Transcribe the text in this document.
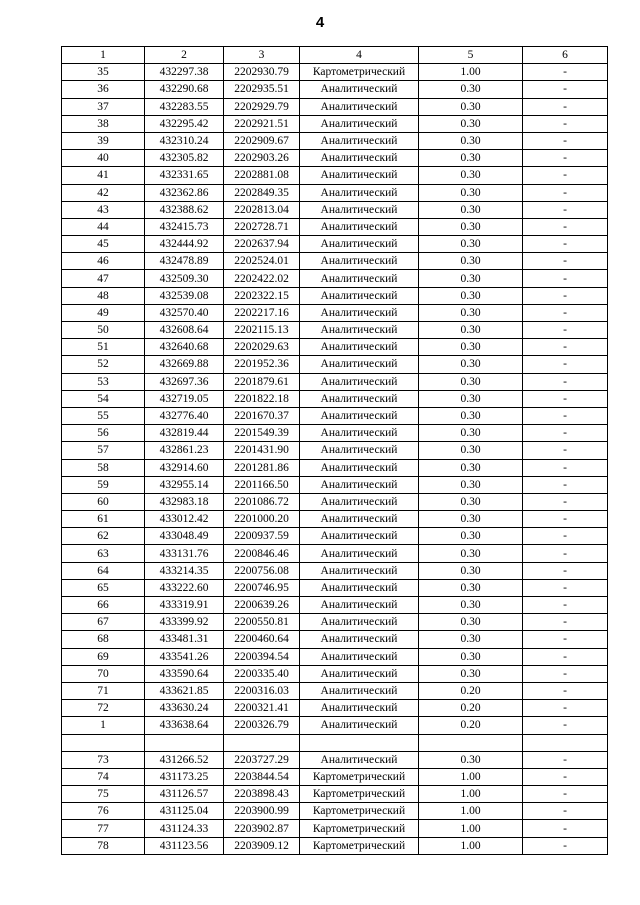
4
1	2	3	4	5	6
35	432297.38	2202930.79	Картометрический	1.00	-
36	432290.68	2202935.51	Аналитический	0.30	-
37	432283.55	2202929.79	Аналитический	0.30	-
38	432295.42	2202921.51	Аналитический	0.30	-
39	432310.24	2202909.67	Аналитический	0.30	-
40	432305.82	2202903.26	Аналитический	0.30	-
41	432331.65	2202881.08	Аналитический	0.30	-
42	432362.86	2202849.35	Аналитический	0.30	-
43	432388.62	2202813.04	Аналитический	0.30	-
44	432415.73	2202728.71	Аналитический	0.30	-
45	432444.92	2202637.94	Аналитический	0.30	-
46	432478.89	2202524.01	Аналитический	0.30	-
47	432509.30	2202422.02	Аналитический	0.30	-
48	432539.08	2202322.15	Аналитический	0.30	-
49	432570.40	2202217.16	Аналитический	0.30	-
50	432608.64	2202115.13	Аналитический	0.30	-
51	432640.68	2202029.63	Аналитический	0.30	-
52	432669.88	2201952.36	Аналитический	0.30	-
53	432697.36	2201879.61	Аналитический	0.30	-
54	432719.05	2201822.18	Аналитический	0.30	-
55	432776.40	2201670.37	Аналитический	0.30	-
56	432819.44	2201549.39	Аналитический	0.30	-
57	432861.23	2201431.90	Аналитический	0.30	-
58	432914.60	2201281.86	Аналитический	0.30	-
59	432955.14	2201166.50	Аналитический	0.30	-
60	432983.18	2201086.72	Аналитический	0.30	-
61	433012.42	2201000.20	Аналитический	0.30	-
62	433048.49	2200937.59	Аналитический	0.30	-
63	433131.76	2200846.46	Аналитический	0.30	-
64	433214.35	2200756.08	Аналитический	0.30	-
65	433222.60	2200746.95	Аналитический	0.30	-
66	433319.91	2200639.26	Аналитический	0.30	-
67	433399.92	2200550.81	Аналитический	0.30	-
68	433481.31	2200460.64	Аналитический	0.30	-
69	433541.26	2200394.54	Аналитический	0.30	-
70	433590.64	2200335.40	Аналитический	0.30	-
71	433621.85	2200316.03	Аналитический	0.20	-
72	433630.24	2200321.41	Аналитический	0.20	-
1	433638.64	2200326.79	Аналитический	0.20	-

73	431266.52	2203727.29	Аналитический	0.30	-
74	431173.25	2203844.54	Картометрический	1.00	-
75	431126.57	2203898.43	Картометрический	1.00	-
76	431125.04	2203900.99	Картометрический	1.00	-
77	431124.33	2203902.87	Картометрический	1.00	-
78	431123.56	2203909.12	Картометрический	1.00	-
